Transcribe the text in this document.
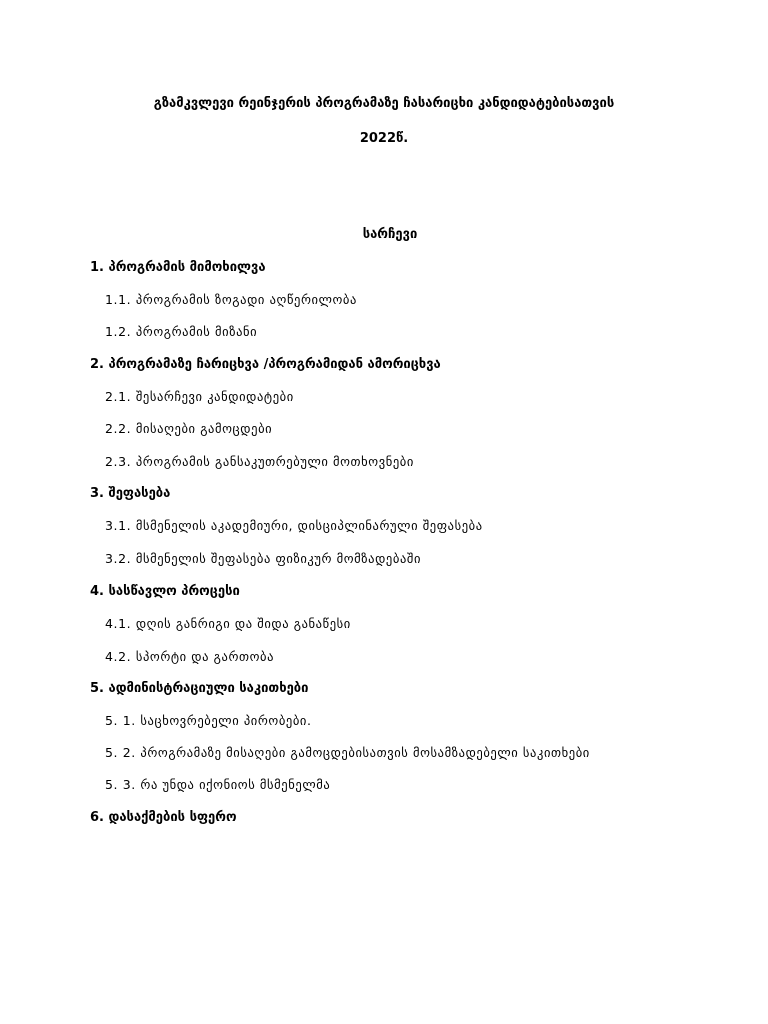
გზამკვლევი რეინჯერის პროგრამაზე ჩასარიცხი კანდიდატებისათვის
2022წ.
სარჩევი
1. პროგრამის მიმოხილვა
1.1. პროგრამის ზოგადი აღწერილობა
1.2. პროგრამის მიზანი
2. პროგრამაზე ჩარიცხვა /პროგრამიდან ამორიცხვა
2.1. შესარჩევი კანდიდატები
2.2. მისაღები გამოცდები
2.3. პროგრამის განსაკუთრებული მოთხოვნები
3. შეფასება
3.1. მსმენელის აკადემიური, დისციპლინარული შეფასება
3.2. მსმენელის შეფასება ფიზიკურ მომზადებაში
4. სასწავლო პროცესი
4.1. დღის განრიგი და შიდა განაწესი
4.2. სპორტი და გართობა
5. ადმინისტრაციული საკითხები
5. 1. საცხოვრებელი პირობები.
5. 2. პროგრამაზე მისაღები გამოცდებისათვის მოსამზადებელი საკითხები
5. 3. რა უნდა იქონიოს მსმენელმა
6. დასაქმების სფერო
